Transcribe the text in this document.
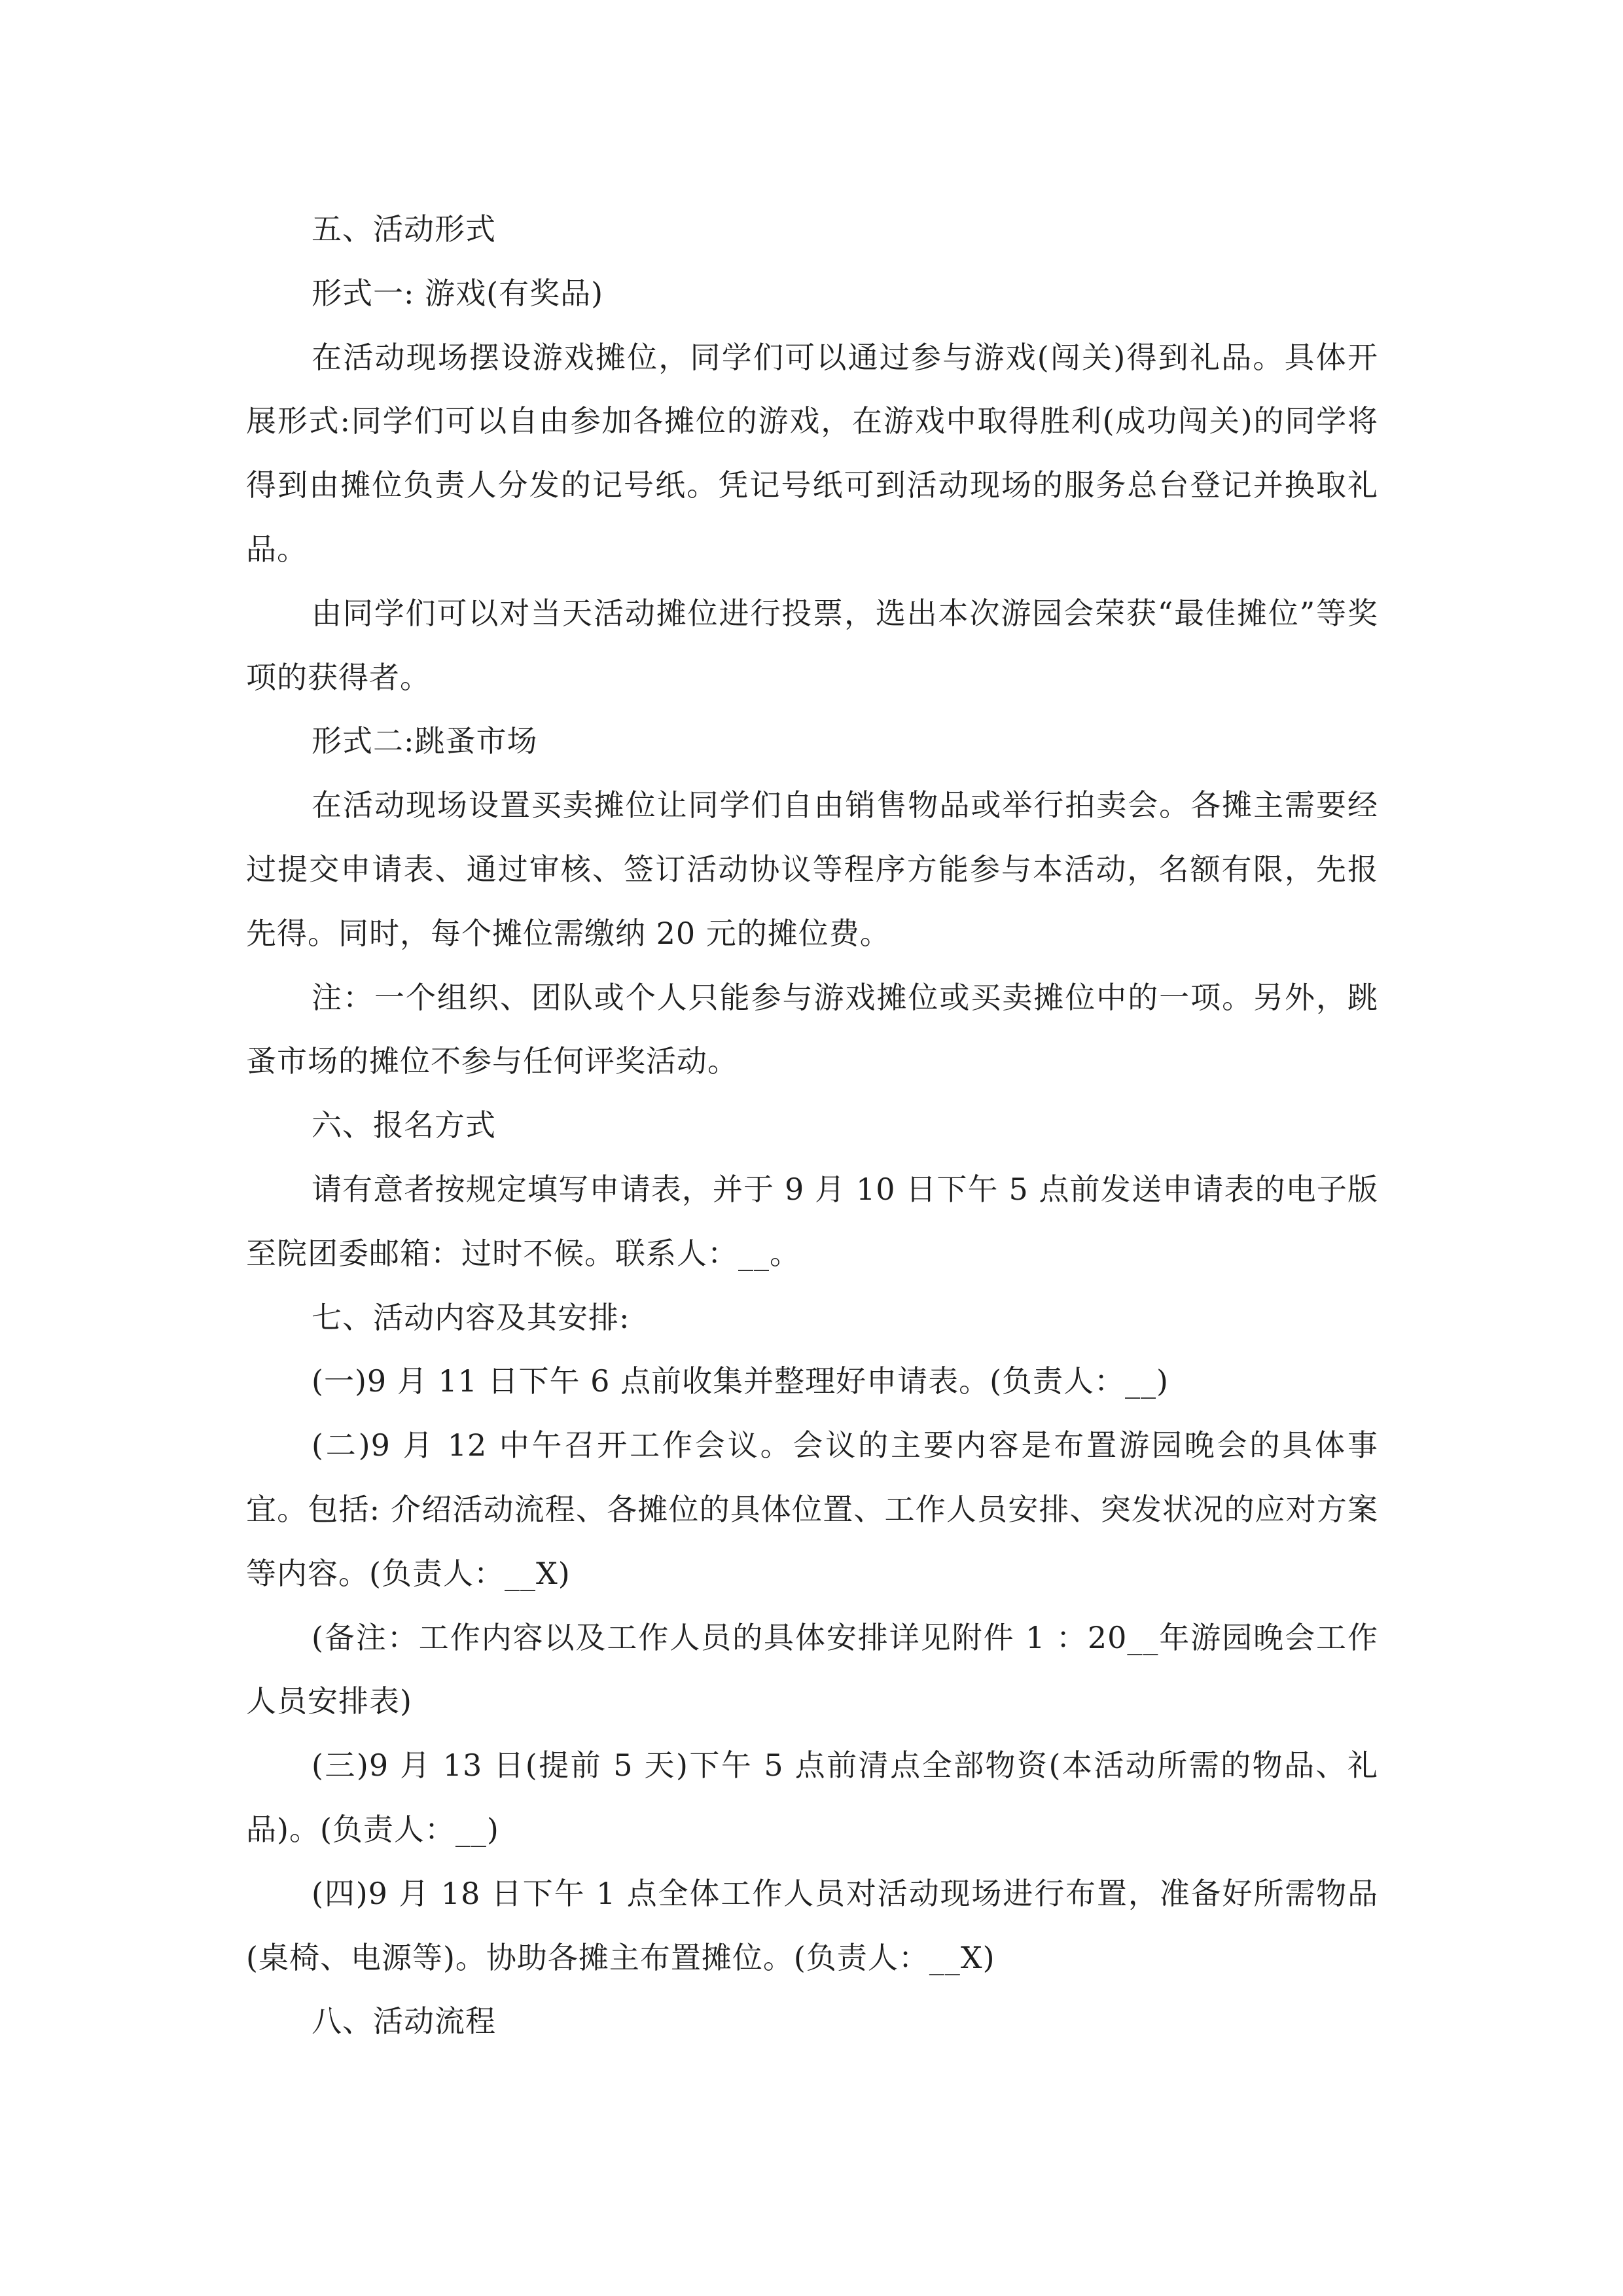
五、活动形式

形式一: 游戏(有奖品)

在活动现场摆设游戏摊位，同学们可以通过参与游戏(闯关)得到礼品。具体开展形式:同学们可以自由参加各摊位的游戏，在游戏中取得胜利(成功闯关)的同学将得到由摊位负责人分发的记号纸。凭记号纸可到活动现场的服务总台登记并换取礼品。

由同学们可以对当天活动摊位进行投票，选出本次游园会荣获“最佳摊位”等奖项的获得者。

形式二:跳蚤市场

在活动现场设置买卖摊位让同学们自由销售物品或举行拍卖会。各摊主需要经过提交申请表、通过审核、签订活动协议等程序方能参与本活动，名额有限，先报先得。同时，每个摊位需缴纳 20 元的摊位费。

注：一个组织、团队或个人只能参与游戏摊位或买卖摊位中的一项。另外，跳蚤市场的摊位不参与任何评奖活动。

六、报名方式

请有意者按规定填写申请表，并于 9 月 10 日下午 5 点前发送申请表的电子版至院团委邮箱：过时不候。联系人：__。

七、活动内容及其安排:

(一)9 月 11 日下午 6 点前收集并整理好申请表。(负责人：__)

(二)9 月 12 中午召开工作会议。会议的主要内容是布置游园晚会的具体事宜。包括: 介绍活动流程、各摊位的具体位置、工作人员安排、突发状况的应对方案等内容。(负责人：__X)

(备注：工作内容以及工作人员的具体安排详见附件 1 ：20__年游园晚会工作人员安排表)

(三)9 月 13 日(提前 5 天)下午 5 点前清点全部物资(本活动所需的物品、礼品)。(负责人：__)

(四)9 月 18 日下午 1 点全体工作人员对活动现场进行布置，准备好所需物品(桌椅、电源等)。协助各摊主布置摊位。(负责人：__X)

八、活动流程
